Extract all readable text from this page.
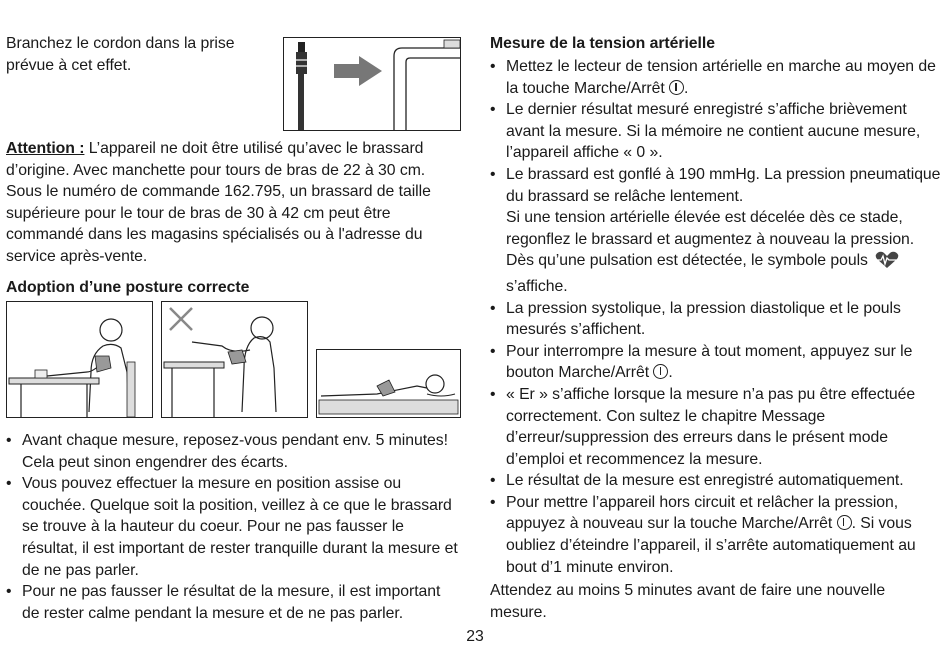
Branchez le cordon dans la prise prévue à cet effet.
Attention : L’appareil ne doit être utilisé qu’avec le brassard d’origine. Avec manchette pour tours de bras de 22 à 30 cm. Sous le numéro de commande 162.795, un brassard de taille supérieure pour le tour de bras de 30 à 42 cm peut être commandé dans les magasins spécialisés ou à l'adresse du service après-vente.
Adoption d’une posture correcte
• Avant chaque mesure, reposez-vous pendant env. 5 minutes! Cela peut sinon engendrer des écarts.
• Vous pouvez effectuer la mesure en position assise ou couchée. Quelque soit la position, veillez à ce que le brassard se trouve à la hauteur du coeur. Pour ne pas fausser le résultat, il est important de rester tranquille durant la mesure et de ne pas parler.
• Pour ne pas fausser le résultat de la mesure, il est important de rester calme pendant la mesure et de ne pas parler.
Mesure de la tension artérielle
• Mettez le lecteur de tension artérielle en marche au moyen de la touche Marche/Arrêt .
• Le dernier résultat mesuré enregistré s’affiche brièvement avant la mesure. Si la mémoire ne contient aucune mesure, l’appareil affiche « 0 ».
• Le brassard est gonflé à 190 mmHg. La pression pneumatique du brassard se relâche lentement.
Si une tension artérielle élevée est décelée dès ce stade, regonflez le brassard et augmentez à nouveau la pression. Dès qu’une pulsation est détectée, le symbole pouls
s’affiche.
• La pression systolique, la pression diastolique et le pouls mesurés s’affichent.
• Pour interrompre la mesure à tout moment, appuyez sur le bouton Marche/Arrêt .
• « Er » s’affiche lorsque la mesure n’a pas pu être effectuée correctement. Con sultez le chapitre Message d’erreur/suppression des erreurs dans le présent mode d’emploi et recommencez la mesure.
• Le résultat de la mesure est enregistré automatiquement.
• Pour mettre l’appareil hors circuit et relâcher la pression, appuyez à nouveau sur la touche Marche/Arrêt . Si vous oubliez d’éteindre l’appareil, il s’arrête automatiquement au bout d’1 minute environ.
Attendez au moins 5 minutes avant de faire une nouvelle mesure.
23
